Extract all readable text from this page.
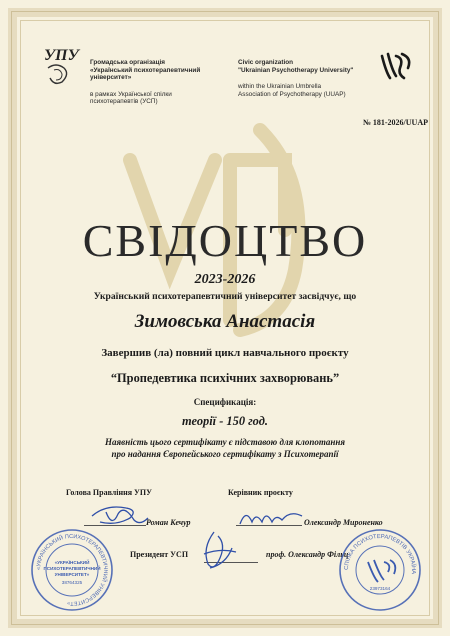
УПУ Громадська організація
«Український психотерапевтичний
університет»
в рамках Української спілки
психотерапевтів (УСП)
Civic organization
"Ukrainian Psychotherapy University"
within the Ukrainian Umbrella
Association of Psychotherapy (UUAP)
№ 181-2026/UUAP
СВІДОЦТВО
2023-2026
Український психотерапевтичний університет засвідчує, що
Зимовська Анастасія
Завершив (ла) повний цикл навчального проєкту
“Пропедевтика психічних захворювань”
Спецификація:
теорії - 150 год.
Наявність цього сертифікату є підставою для клопотання
про надання Європейського сертифікату з Психотерапії
Голова Правління УПУ	Керівник проєкту
Роман Кечур	Олександр Мироненко
Президент УСП	проф. Олександр Фільц
«УКРАЇНСЬКИЙ ПСИХОТЕРАПЕВТИЧНИЙ УНІВЕРСИТЕТ»
«УКРАЇНСЬКИЙ
ПСИХОТЕРАПЕВТИЧНИЙ
УНІВЕРСИТЕТ»
38764325
СПІЛКА ПСИХОТЕРАПЕВТІВ УКРАЇНА
23973164
